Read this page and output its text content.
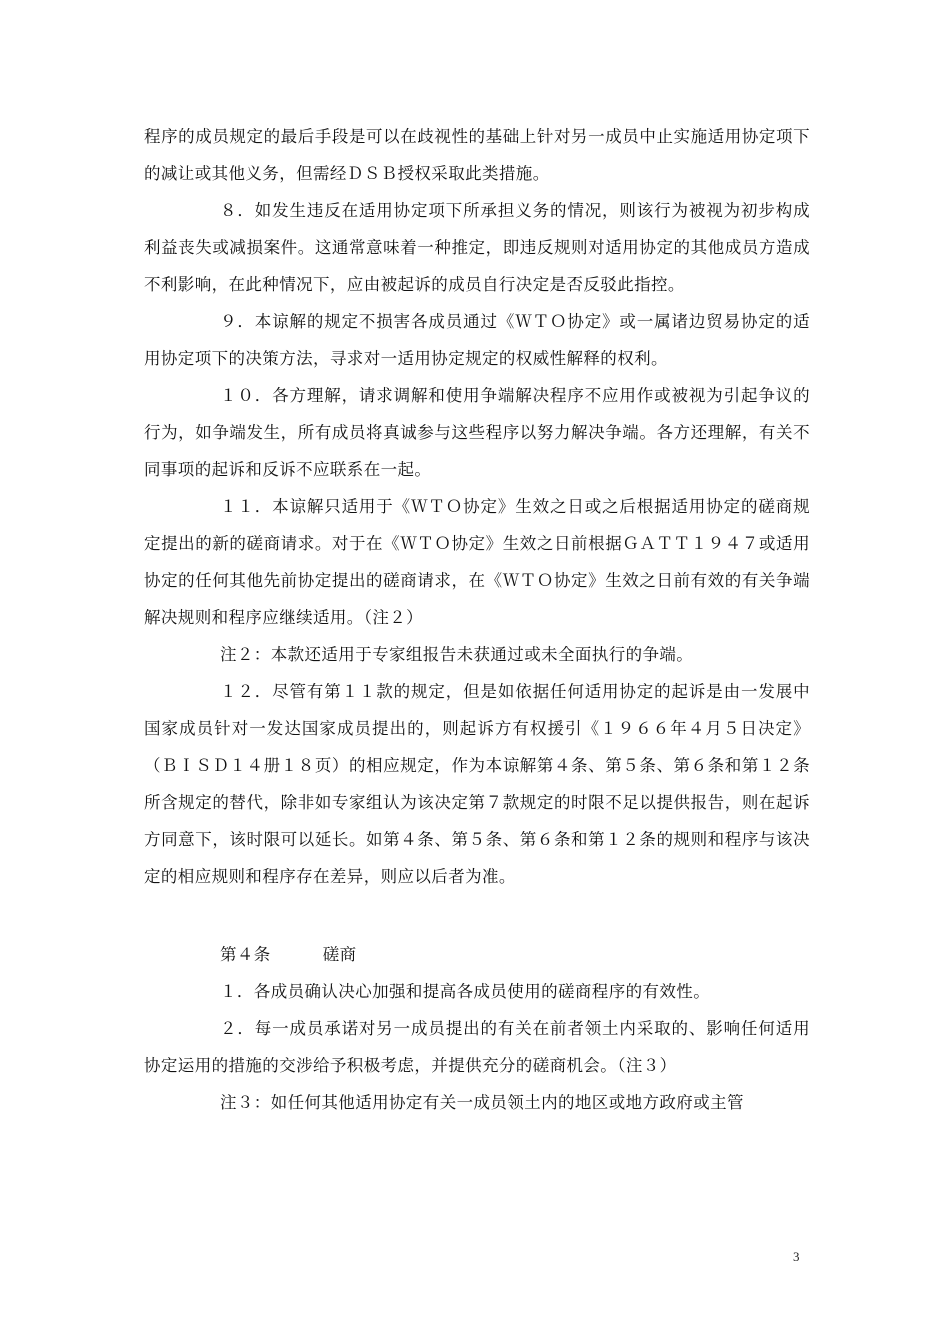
程序的成员规定的最后手段是可以在歧视性的基础上针对另一成员中止实施适用协定项下的减让或其他义务，但需经ＤＳＢ授权采取此类措施。

８．如发生违反在适用协定项下所承担义务的情况，则该行为被视为初步构成利益丧失或减损案件。这通常意味着一种推定，即违反规则对适用协定的其他成员方造成不利影响，在此种情况下，应由被起诉的成员自行决定是否反驳此指控。

９．本谅解的规定不损害各成员通过《ＷＴＯ协定》或一属诸边贸易协定的适用协定项下的决策方法，寻求对一适用协定规定的权威性解释的权利。

１０．各方理解，请求调解和使用争端解决程序不应用作或被视为引起争议的行为，如争端发生，所有成员将真诚参与这些程序以努力解决争端。各方还理解，有关不同事项的起诉和反诉不应联系在一起。

１１．本谅解只适用于《ＷＴＯ协定》生效之日或之后根据适用协定的磋商规定提出的新的磋商请求。对于在《ＷＴＯ协定》生效之日前根据ＧＡＴＴ１９４７或适用协定的任何其他先前协定提出的磋商请求，在《ＷＴＯ协定》生效之日前有效的有关争端解决规则和程序应继续适用。（注２）

注２：本款还适用于专家组报告未获通过或未全面执行的争端。

１２．尽管有第１１款的规定，但是如依据任何适用协定的起诉是由一发展中国家成员针对一发达国家成员提出的，则起诉方有权援引《１９６６年４月５日决定》（ＢＩＳＤ１４册１８页）的相应规定，作为本谅解第４条、第５条、第６条和第１２条所含规定的替代，除非如专家组认为该决定第７款规定的时限不足以提供报告，则在起诉方同意下，该时限可以延长。如第４条、第５条、第６条和第１２条的规则和程序与该决定的相应规则和程序存在差异，则应以后者为准。

第４条	磋商

１．各成员确认决心加强和提高各成员使用的磋商程序的有效性。

２．每一成员承诺对另一成员提出的有关在前者领土内采取的、影响任何适用协定运用的措施的交涉给予积极考虑，并提供充分的磋商机会。（注３）

注３：如任何其他适用协定有关一成员领土内的地区或地方政府或主管

3
